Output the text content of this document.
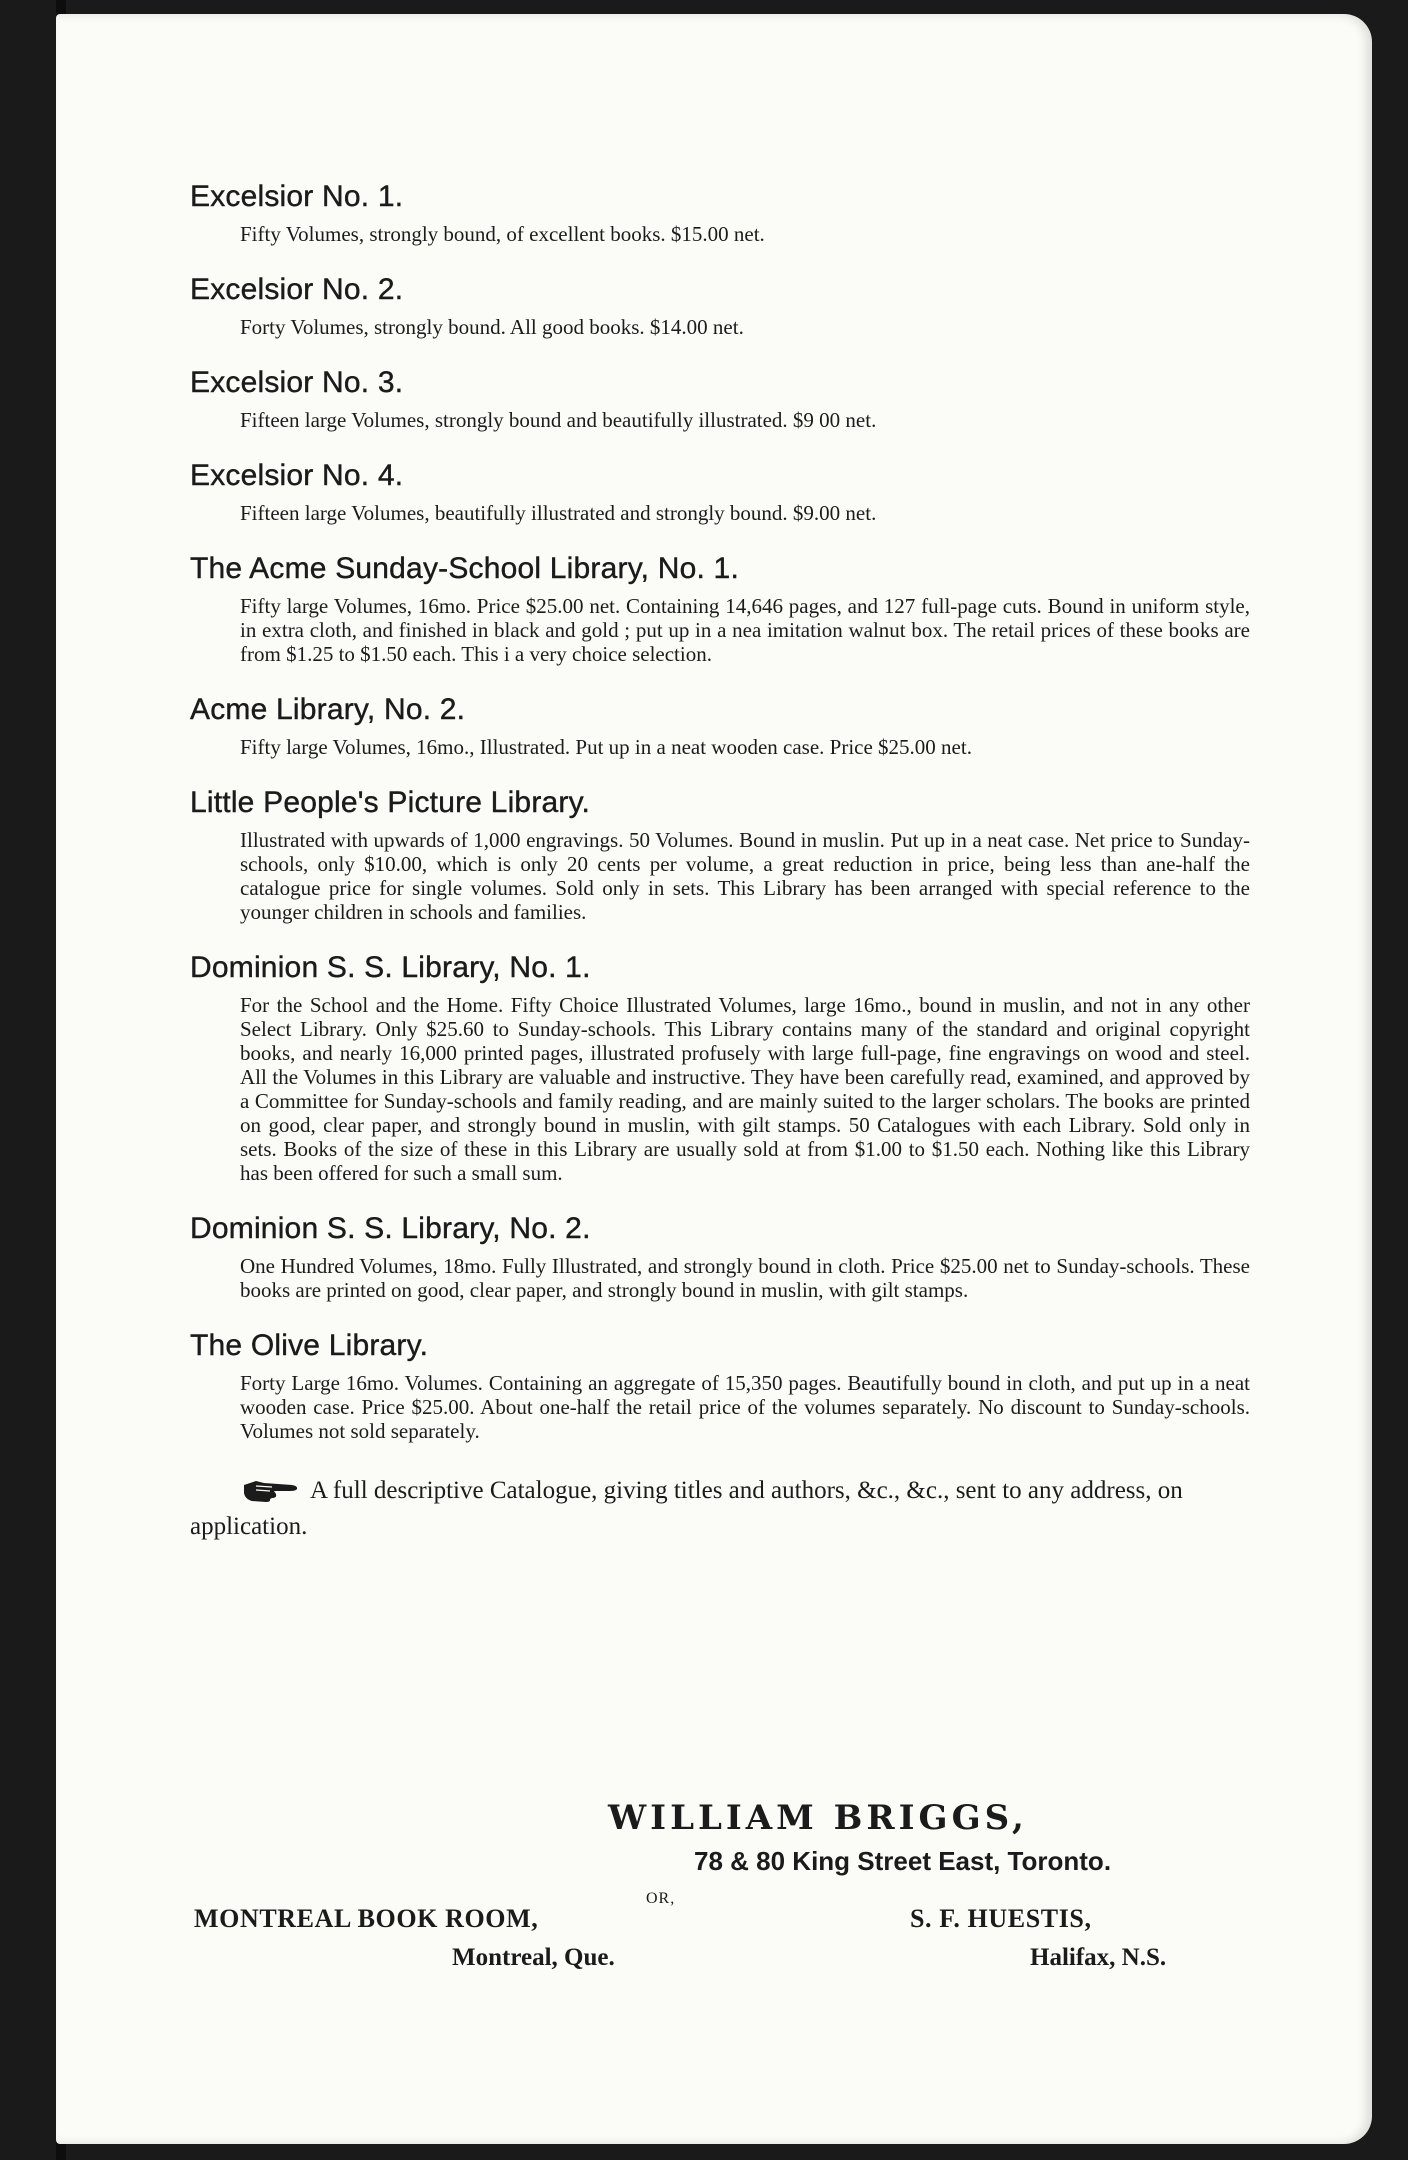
Excelsior No. 1.
Fifty Volumes, strongly bound, of excellent books. $15.00 net.
Excelsior No. 2.
Forty Volumes, strongly bound. All good books. $14.00 net.
Excelsior No. 3.
Fifteen large Volumes, strongly bound and beautifully illustrated. $9 00 net.
Excelsior No. 4.
Fifteen large Volumes, beautifully illustrated and strongly bound. $9.00 net.
The Acme Sunday-School Library, No. 1.
Fifty large Volumes, 16mo. Price $25.00 net. Containing 14,646 pages, and 127 full-page cuts. Bound in uniform style, in extra cloth, and finished in black and gold ; put up in a nea imitation walnut box. The retail prices of these books are from $1.25 to $1.50 each. This i a very choice selection.
Acme Library, No. 2.
Fifty large Volumes, 16mo., Illustrated. Put up in a neat wooden case. Price $25.00 net.
Little People's Picture Library.
Illustrated with upwards of 1,000 engravings. 50 Volumes. Bound in muslin. Put up in a neat case. Net price to Sunday-schools, only $10.00, which is only 20 cents per volume, a great reduction in price, being less than ane-half the catalogue price for single volumes. Sold only in sets. This Library has been arranged with special reference to the younger children in schools and families.
Dominion S. S. Library, No. 1.
For the School and the Home. Fifty Choice Illustrated Volumes, large 16mo., bound in muslin, and not in any other Select Library. Only $25.60 to Sunday-schools. This Library contains many of the standard and original copyright books, and nearly 16,000 printed pages, illustrated profusely with large full-page, fine engravings on wood and steel. All the Volumes in this Library are valuable and instructive. They have been carefully read, examined, and approved by a Committee for Sunday-schools and family reading, and are mainly suited to the larger scholars. The books are printed on good, clear paper, and strongly bound in muslin, with gilt stamps. 50 Catalogues with each Library. Sold only in sets. Books of the size of these in this Library are usually sold at from $1.00 to $1.50 each. Nothing like this Library has been offered for such a small sum.
Dominion S. S. Library, No. 2.
One Hundred Volumes, 18mo. Fully Illustrated, and strongly bound in cloth. Price $25.00 net to Sunday-schools. These books are printed on good, clear paper, and strongly bound in muslin, with gilt stamps.
The Olive Library.
Forty Large 16mo. Volumes. Containing an aggregate of 15,350 pages. Beautifully bound in cloth, and put up in a neat wooden case. Price $25.00. About one-half the retail price of the volumes separately. No discount to Sunday-schools. Volumes not sold separately.
A full descriptive Catalogue, giving titles and authors, &c., &c., sent to any address, on application.
WILLIAM BRIGGS,
78 & 80 King Street East, Toronto.
OR,
MONTREAL BOOK ROOM,
Montreal, Que.
S. F. HUESTIS,
Halifax, N.S.
